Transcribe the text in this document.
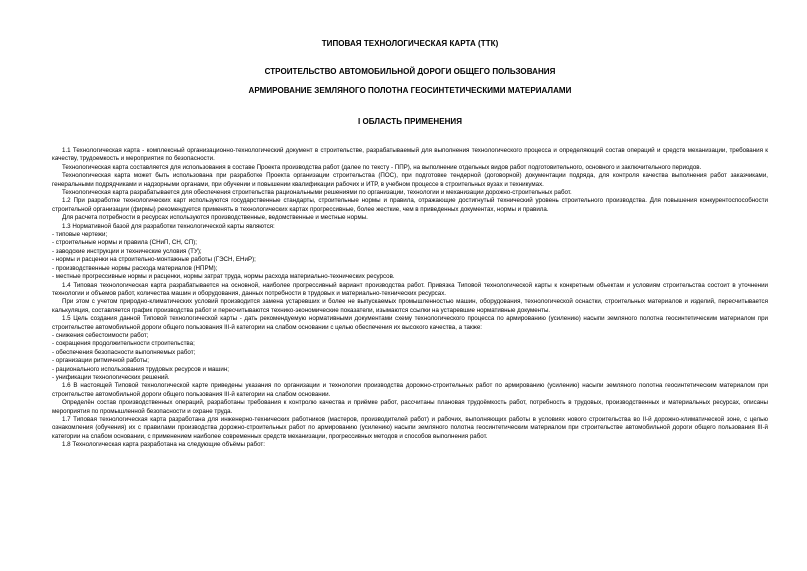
ТИПОВАЯ ТЕХНОЛОГИЧЕСКАЯ КАРТА (ТТК)

СТРОИТЕЛЬСТВО АВТОМОБИЛЬНОЙ ДОРОГИ ОБЩЕГО ПОЛЬЗОВАНИЯ

АРМИРОВАНИЕ ЗЕМЛЯНОГО ПОЛОТНА ГЕОСИНТЕТИЧЕСКИМИ МАТЕРИАЛАМИ

I ОБЛАСТЬ ПРИМЕНЕНИЯ

1.1 Технологическая карта - комплексный организационно-технологический документ в строительстве, разрабатываемый для выполнения технологического процесса и определяющий состав операций и средств механизации, требования к качеству, трудоемкость и мероприятия по безопасности.

Технологическая карта составляется для использования в составе Проекта производства работ (далее по тексту - ППР), на выполнение отдельных видов работ подготовительного, основного и заключительного периодов.

Технологическая карта может быть использована при разработке Проекта организации строительства (ПОС), при подготовке тендерной (договорной) документации подряда, для контроля качества выполнения работ заказчиками, генеральными подрядчиками и надзорными органами, при обучении и повышении квалификации рабочих и ИТР, в учебном процессе в строительных вузах и техникумах.

Технологическая карта разрабатывается для обеспечения строительства рациональными решениями по организации, технологии и механизации дорожно-строительных работ.

1.2 При разработке технологических карт используются государственные стандарты, строительные нормы и правила, отражающие достигнутый технический уровень строительного производства. Для повышения конкурентоспособности строительной организации (фирмы) рекомендуется применять в технологических картах прогрессивные, более жесткие, чем в приведенных документах, нормы и правила.

Для расчета потребности в ресурсах используются производственные, ведомственные и местные нормы.

1.3 Нормативной базой для разработки технологической карты являются:

- типовые чертежи;

- строительные нормы и правила (СНиП, СН, СП);

- заводские инструкции и технические условия (ТУ);

- нормы и расценки на строительно-монтажные работы (ГЭСН, ЕНиР);

- производственные нормы расхода материалов (НПРМ);

- местные прогрессивные нормы и расценки, нормы затрат труда, нормы расхода материально-технических ресурсов.

1.4 Типовая технологическая карта разрабатывается на основной, наиболее прогрессивный вариант производства работ. Привязка Типовой технологической карты к конкретным объектам и условиям строительства состоит в уточнении технологии и объемов работ, количества машин и оборудования, данных потребности в трудовых и материально-технических ресурсах.

При этом с учетом природно-климатических условий производится замена устаревших и более не выпускаемых промышленностью машин, оборудования, технологической оснастки, строительных материалов и изделий, пересчитывается калькуляция, составляется график производства работ и пересчитываются технико-экономические показатели, изымаются ссылки на устаревшие нормативные документы.

1.5 Цель создания данной Типовой технологической карты - дать рекомендуемую нормативными документами схему технологического процесса по армированию (усилению) насыпи земляного полотна геосинтетическим материалом при строительстве автомобильной дороги общего пользования III-й категории на слабом основании с целью обеспечения их высокого качества, а также:

- снижения себестоимости работ;

- сокращения продолжительности строительства;

- обеспечения безопасности выполняемых работ;

- организации ритмичной работы;

- рационального использования трудовых ресурсов и машин;

- унификации технологических решений.

1.6 В настоящей Типовой технологической карте приведены указания по организации и технологии производства дорожно-строительных работ по армированию (усилению) насыпи земляного полотна геосинтетическим материалом при строительстве автомобильной дороги общего пользования III-й категории на слабом основании.

Определён состав производственных операций, разработаны требования к контролю качества и приёмке работ, рассчитаны плановая трудоёмкость работ, потребность в трудовых, производственных и материальных ресурсах, описаны мероприятия по промышленной безопасности и охране труда.

1.7 Типовая технологическая карта разработана для инженерно-технических работников (мастеров, производителей работ) и рабочих, выполняющих работы в условиях нового строительства во II-й дорожно-климатической зоне, с целью ознакомления (обучения) их с правилами производства дорожно-строительных работ по армированию (усилению) насыпи земляного полотна геосинтетическим материалом при строительстве автомобильной дороги общего пользования III-й категории на слабом основании, с применением наиболее современных средств механизации, прогрессивных методов и способов выполнения работ.

1.8 Технологическая карта разработана на следующие объёмы работ:
